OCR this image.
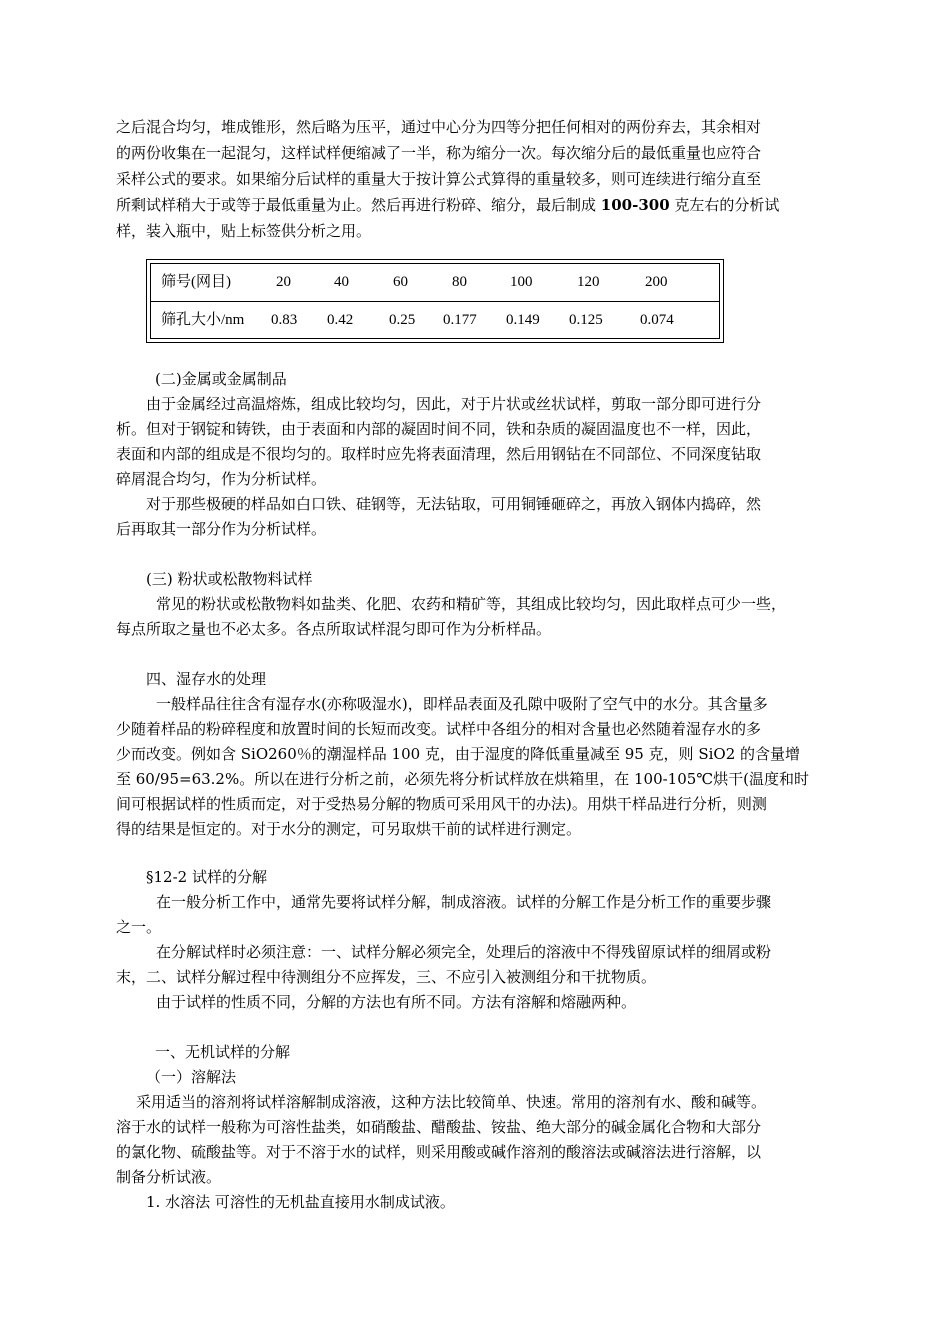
之后混合均匀，堆成锥形，然后略为压平，通过中心分为四等分把任何相对的两份弃去，其余相对

的两份收集在一起混匀，这样试样便缩减了一半，称为缩分一次。每次缩分后的最低重量也应符合

采样公式的要求。如果缩分后试样的重量大于按计算公式算得的重量较多，则可连续进行缩分直至

所剩试样稍大于或等于最低重量为止。然后再进行粉碎、缩分，最后制成 100-300 克左右的分析试

样，装入瓶中，贴上标签供分析之用。

筛号(网目)	20	40	60	80	100	120	200
筛孔大小/nm 0.83 0.42 0.25 0.177 0.149 0.125 0.074

(二)金属或金属制品

由于金属经过高温熔炼，组成比较均匀，因此，对于片状或丝状试样，剪取一部分即可进行分

析。但对于钢锭和铸铁，由于表面和内部的凝固时间不同，铁和杂质的凝固温度也不一样，因此，

表面和内部的组成是不很均匀的。取样时应先将表面清理，然后用钢钻在不同部位、不同深度钻取

碎屑混合均匀，作为分析试样。

对于那些极硬的样品如白口铁、硅钢等，无法钻取，可用铜锤砸碎之，再放入钢体内捣碎，然

后再取其一部分作为分析试样。

(三) 粉状或松散物料试样

常见的粉状或松散物料如盐类、化肥、农药和精矿等，其组成比较均匀，因此取样点可少一些，

每点所取之量也不必太多。各点所取试样混匀即可作为分析样品。

四、湿存水的处理

一般样品往往含有湿存水(亦称吸湿水)，即样品表面及孔隙中吸附了空气中的水分。其含量多

少随着样品的粉碎程度和放置时间的长短而改变。试样中各组分的相对含量也必然随着湿存水的多

少而改变。例如含 SiO260％的潮湿样品 100 克，由于湿度的降低重量减至 95 克，则 SiO2 的含量增

至 60/95=63.2%。所以在进行分析之前，必须先将分析试样放在烘箱里，在 100-105℃烘干(温度和时

间可根据试样的性质而定，对于受热易分解的物质可采用风干的办法)。用烘干样品进行分析，则测

得的结果是恒定的。对于水分的测定，可另取烘干前的试样进行测定。

§12-2 试样的分解

在一般分析工作中，通常先要将试样分解，制成溶液。试样的分解工作是分析工作的重要步骤

之一。

在分解试样时必须注意：一、试样分解必须完全，处理后的溶液中不得残留原试样的细屑或粉

末，二、试样分解过程中待测组分不应挥发，三、不应引入被测组分和干扰物质。

由于试样的性质不同，分解的方法也有所不同。方法有溶解和熔融两种。

一、无机试样的分解

（一）溶解法

采用适当的溶剂将试样溶解制成溶液，这种方法比较简单、快速。常用的溶剂有水、酸和碱等。

溶于水的试样一般称为可溶性盐类，如硝酸盐、醋酸盐、铵盐、绝大部分的碱金属化合物和大部分

的氯化物、硫酸盐等。对于不溶于水的试样，则采用酸或碱作溶剂的酸溶法或碱溶法进行溶解，以

制备分析试液。

1. 水溶法 可溶性的无机盐直接用水制成试液。
